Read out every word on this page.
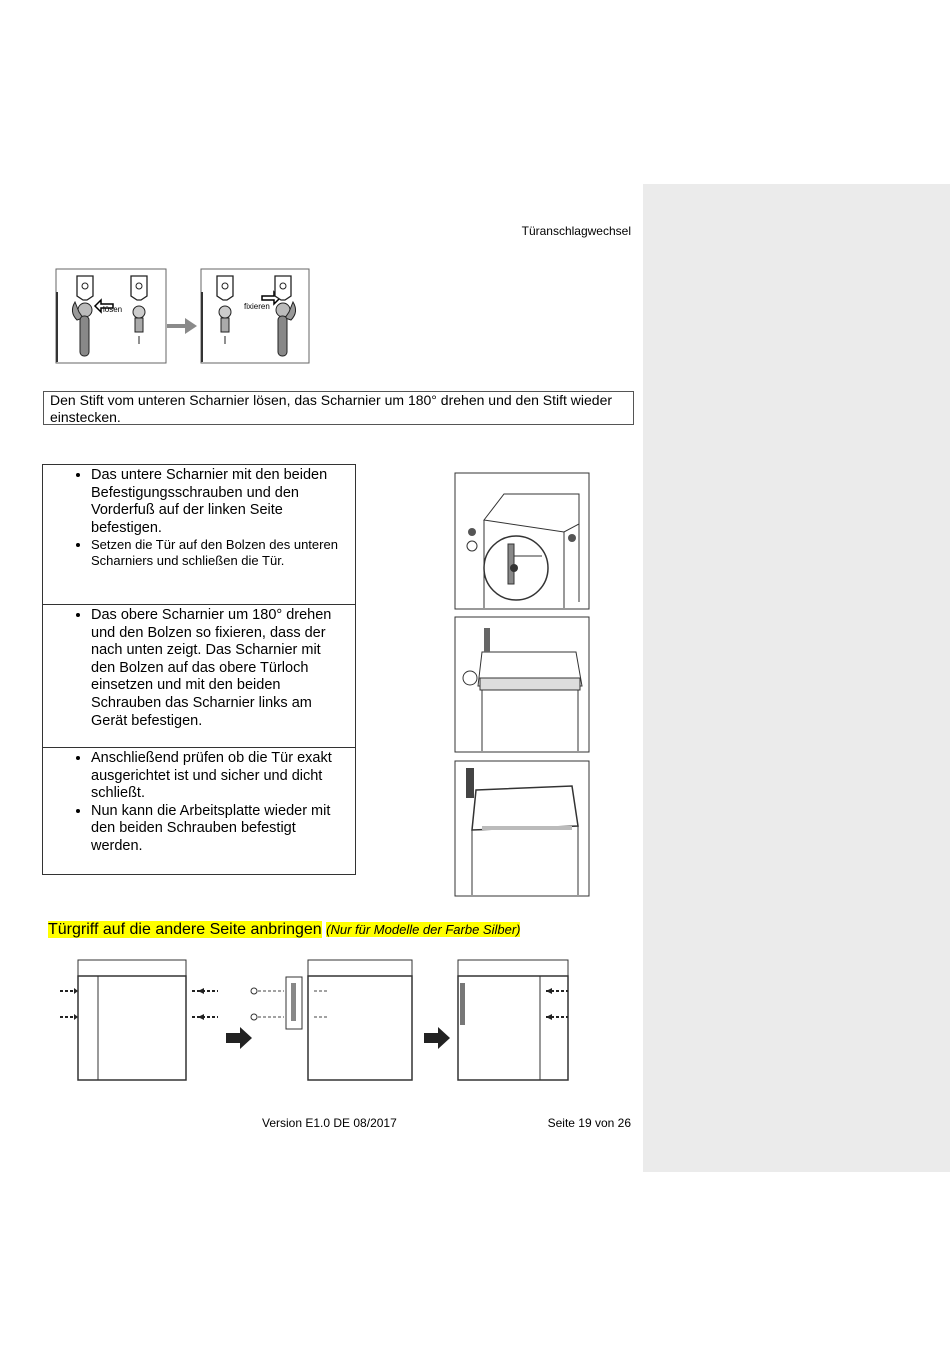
Türanschlagwechsel
lösen	fixieren
Den Stift vom unteren Scharnier lösen, das Scharnier um 180° drehen und den Stift wieder einstecken.
• Das untere Scharnier mit den beiden Befestigungsschrauben und den Vorderfuß auf der linken Seite befestigen.
• Setzen die Tür auf den Bolzen des unteren Scharniers und schließen die Tür.
• Das obere Scharnier um 180° drehen und den Bolzen so fixieren, dass der nach unten zeigt. Das Scharnier mit den Bolzen auf das obere Türloch einsetzen und mit den beiden Schrauben das Scharnier links am Gerät befestigen.
• Anschließend prüfen ob die Tür exakt ausgerichtet ist und sicher und dicht schließt.
• Nun kann die Arbeitsplatte wieder mit den beiden Schrauben befestigt werden.
Türgriff auf die andere Seite anbringen (Nur für Modelle der Farbe Silber)
Version E1.0 DE 08/2017	Seite 19 von 26
